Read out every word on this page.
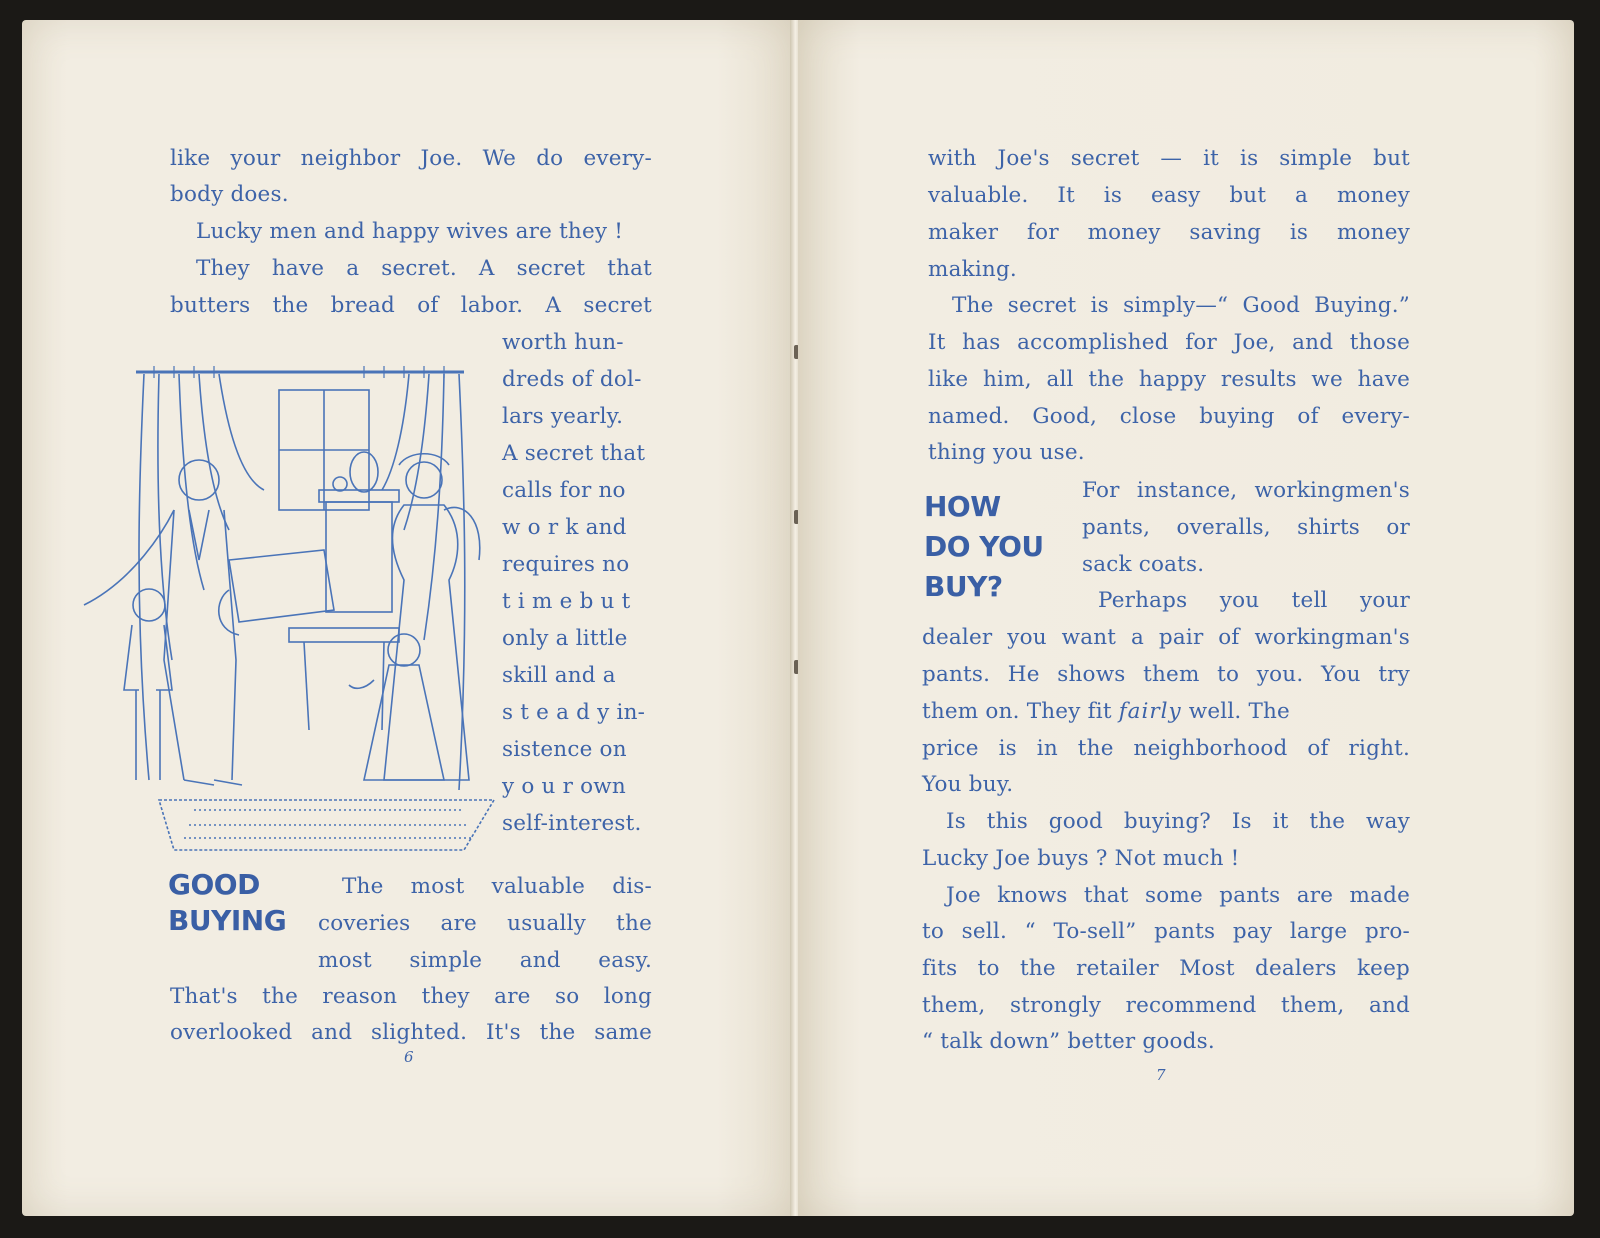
like your neighbor Joe. We do every-
body does.
Lucky men and happy wives are they !
They have a secret. A secret that
butters the bread of labor. A secret
worth hun-
dreds of dol-
lars yearly.
A secret that
calls for no
w o r k and
requires no
t i m e b u t
only a little
skill and a
s t e a d y in-
sistence on
y o u r own
self-interest.
GOOD
BUYING
The most valuable dis-
coveries are usually the
most simple and easy.
That's the reason they are so long
overlooked and slighted. It's the same
6
with Joe's secret — it is simple but
valuable. It is easy but a money
maker for money saving is money
making.
The secret is simply—“ Good Buying.”
It has accomplished for Joe, and those
like him, all the happy results we have
named. Good, close buying of every-
thing you use.
HOW
DO YOU
BUY?
For instance, workingmen's
pants, overalls, shirts or
sack coats.
Perhaps you tell your
dealer you want a pair of workingman's
pants. He shows them to you. You try
them on. They fit fairly well. The
price is in the neighborhood of right.
You buy.
Is this good buying? Is it the way
Lucky Joe buys ? Not much !
Joe knows that some pants are made
to sell. “ To-sell” pants pay large pro-
fits to the retailer Most dealers keep
them, strongly recommend them, and
“ talk down” better goods.
7
